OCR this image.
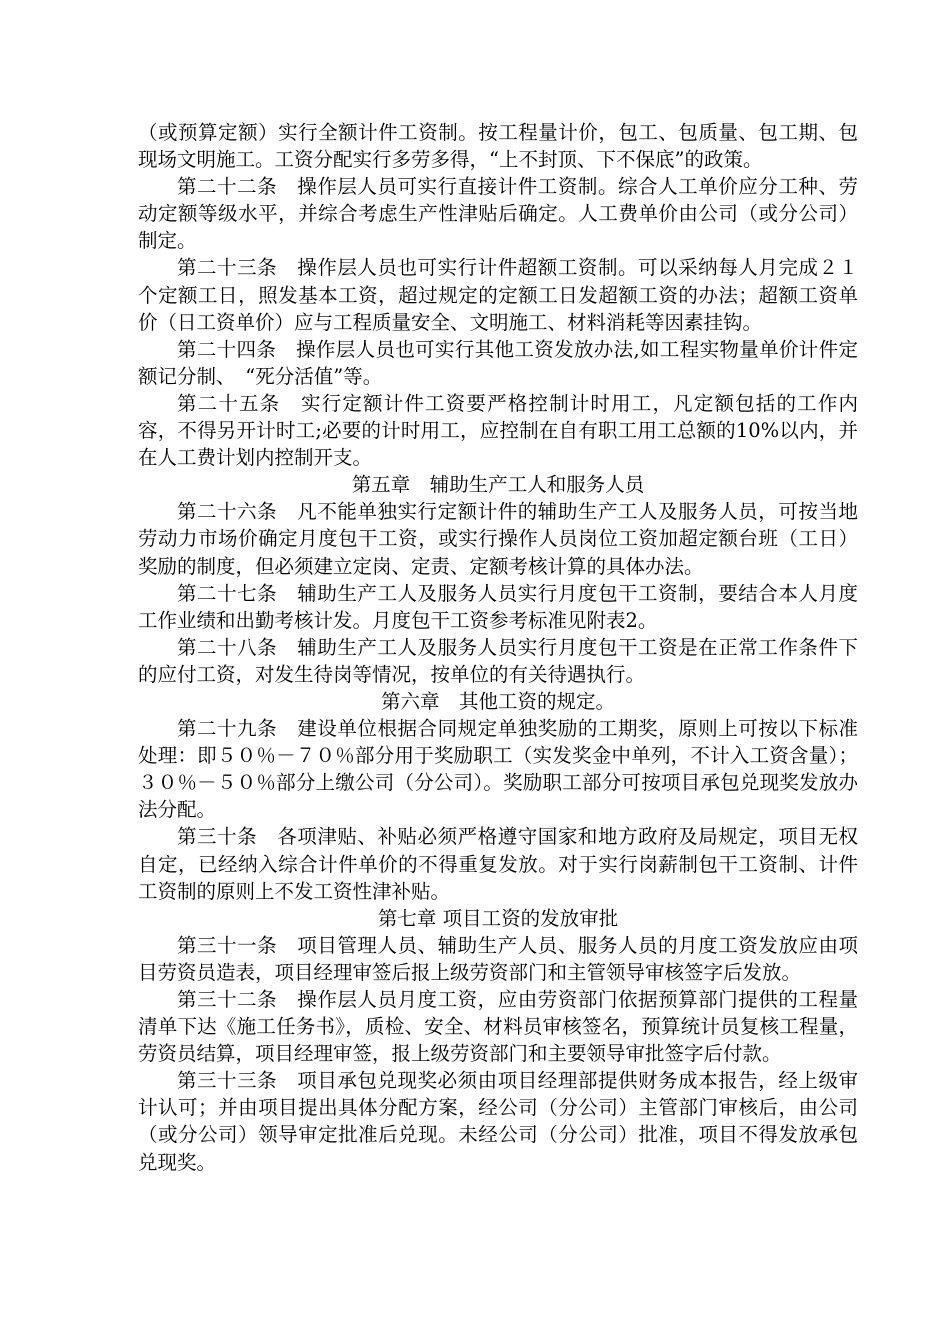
（或预算定额）实行全额计件工资制。按工程量计价，包工、包质量、包工期、包现场文明施工。工资分配实行多劳多得，“上不封顶、下不保底”的政策。

第二十二条　操作层人员可实行直接计件工资制。综合人工单价应分工种、劳动定额等级水平，并综合考虑生产性津贴后确定。人工费单价由公司（或分公司）制定。

第二十三条　操作层人员也可实行计件超额工资制。可以采纳每人月完成２１个定额工日，照发基本工资，超过规定的定额工日发超额工资的办法；超额工资单价（日工资单价）应与工程质量安全、文明施工、材料消耗等因素挂钩。

第二十四条　操作层人员也可实行其他工资发放办法,如工程实物量单价计件定额记分制、　“死分活值”等。

第二十五条　实行定额计件工资要严格控制计时用工，凡定额包括的工作内容，不得另开计时工;必要的计时用工，应控制在自有职工用工总额的10%以内，并在人工费计划内控制开支。

第五章　辅助生产工人和服务人员

第二十六条　凡不能单独实行定额计件的辅助生产工人及服务人员，可按当地劳动力市场价确定月度包干工资，或实行操作人员岗位工资加超定额台班（工日）奖励的制度，但必须建立定岗、定责、定额考核计算的具体办法。

第二十七条　辅助生产工人及服务人员实行月度包干工资制，要结合本人月度工作业绩和出勤考核计发。月度包干工资参考标准见附表2。

第二十八条　辅助生产工人及服务人员实行月度包干工资是在正常工作条件下的应付工资，对发生待岗等情况，按单位的有关待遇执行。

第六章　其他工资的规定。

第二十九条　建设单位根据合同规定单独奖励的工期奖，原则上可按以下标准处理：即５０％－７０％部分用于奖励职工（实发奖金中单列，不计入工资含量）；３０％－５０％部分上缴公司（分公司）。奖励职工部分可按项目承包兑现奖发放办法分配。

第三十条　各项津贴、补贴必须严格遵守国家和地方政府及局规定，项目无权自定，已经纳入综合计件单价的不得重复发放。对于实行岗薪制包干工资制、计件工资制的原则上不发工资性津补贴。

第七章 项目工资的发放审批

第三十一条　项目管理人员、辅助生产人员、服务人员的月度工资发放应由项目劳资员造表，项目经理审签后报上级劳资部门和主管领导审核签字后发放。

第三十二条　操作层人员月度工资，应由劳资部门依据预算部门提供的工程量清单下达《施工任务书》，质检、安全、材料员审核签名，预算统计员复核工程量，劳资员结算，项目经理审签，报上级劳资部门和主要领导审批签字后付款。

第三十三条　项目承包兑现奖必须由项目经理部提供财务成本报告，经上级审计认可；并由项目提出具体分配方案，经公司（分公司）主管部门审核后，由公司（或分公司）领导审定批准后兑现。未经公司（分公司）批准，项目不得发放承包兑现奖。
